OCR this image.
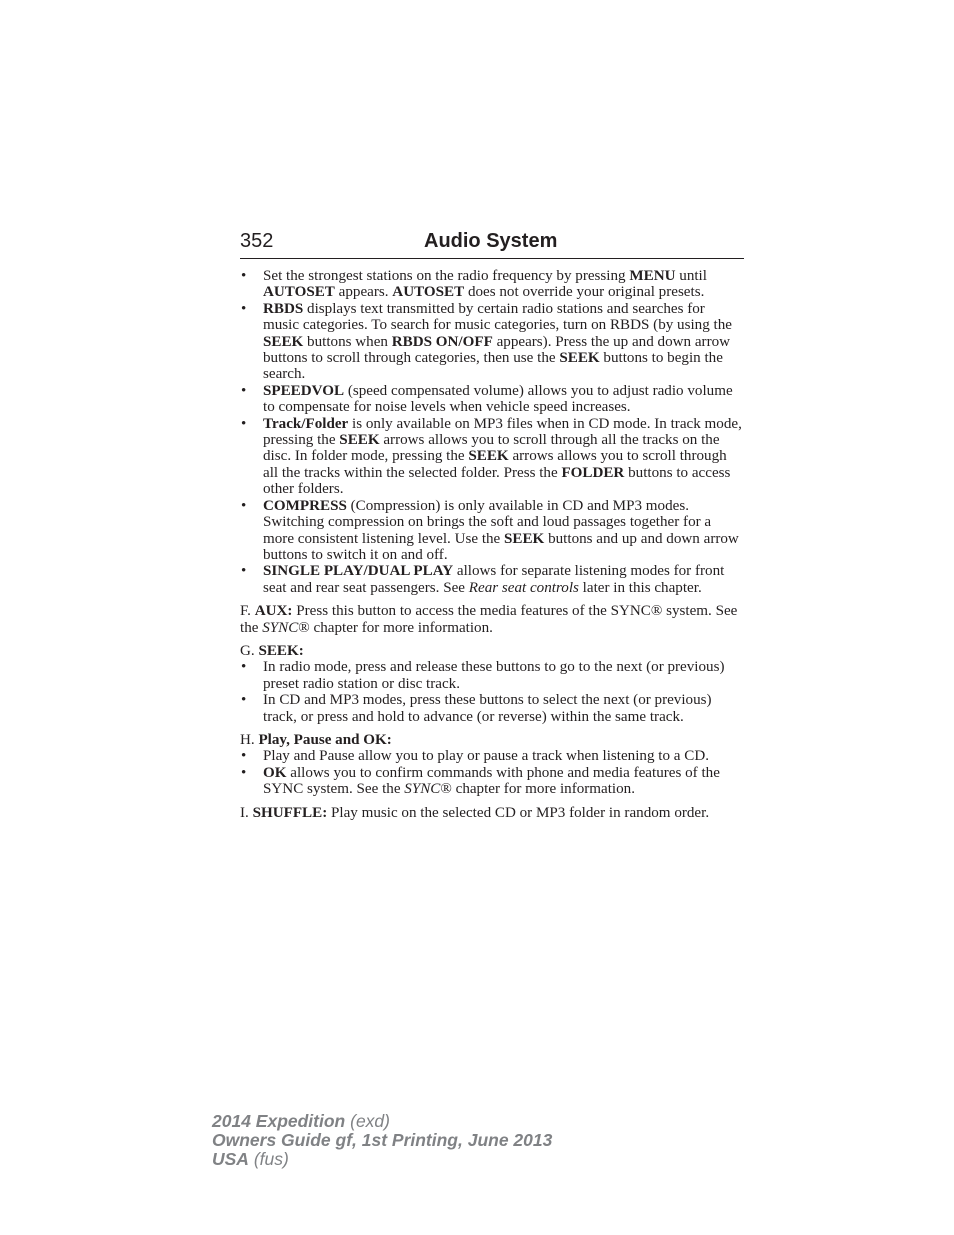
352	Audio System
• Set the strongest stations on the radio frequency by pressing MENU until AUTOSET appears. AUTOSET does not override your original presets.
• RBDS displays text transmitted by certain radio stations and searches for music categories. To search for music categories, turn on RBDS (by using the SEEK buttons when RBDS ON/OFF appears). Press the up and down arrow buttons to scroll through categories, then use the SEEK buttons to begin the search.
• SPEEDVOL (speed compensated volume) allows you to adjust radio volume to compensate for noise levels when vehicle speed increases.
• Track/Folder is only available on MP3 files when in CD mode. In track mode, pressing the SEEK arrows allows you to scroll through all the tracks on the disc. In folder mode, pressing the SEEK arrows allows you to scroll through all the tracks within the selected folder. Press the FOLDER buttons to access other folders.
• COMPRESS (Compression) is only available in CD and MP3 modes. Switching compression on brings the soft and loud passages together for a more consistent listening level. Use the SEEK buttons and up and down arrow buttons to switch it on and off.
• SINGLE PLAY/DUAL PLAY allows for separate listening modes for front seat and rear seat passengers. See Rear seat controls later in this chapter.

F. AUX: Press this button to access the media features of the SYNC® system. See the SYNC® chapter for more information.

G. SEEK:

• In radio mode, press and release these buttons to go to the next (or previous) preset radio station or disc track.
• In CD and MP3 modes, press these buttons to select the next (or previous) track, or press and hold to advance (or reverse) within the same track.

H. Play, Pause and OK:

• Play and Pause allow you to play or pause a track when listening to a CD.
• OK allows you to confirm commands with phone and media features of the SYNC system. See the SYNC® chapter for more information.

I. SHUFFLE: Play music on the selected CD or MP3 folder in random order.

2014 Expedition (exd)
Owners Guide gf, 1st Printing, June 2013
USA (fus)
